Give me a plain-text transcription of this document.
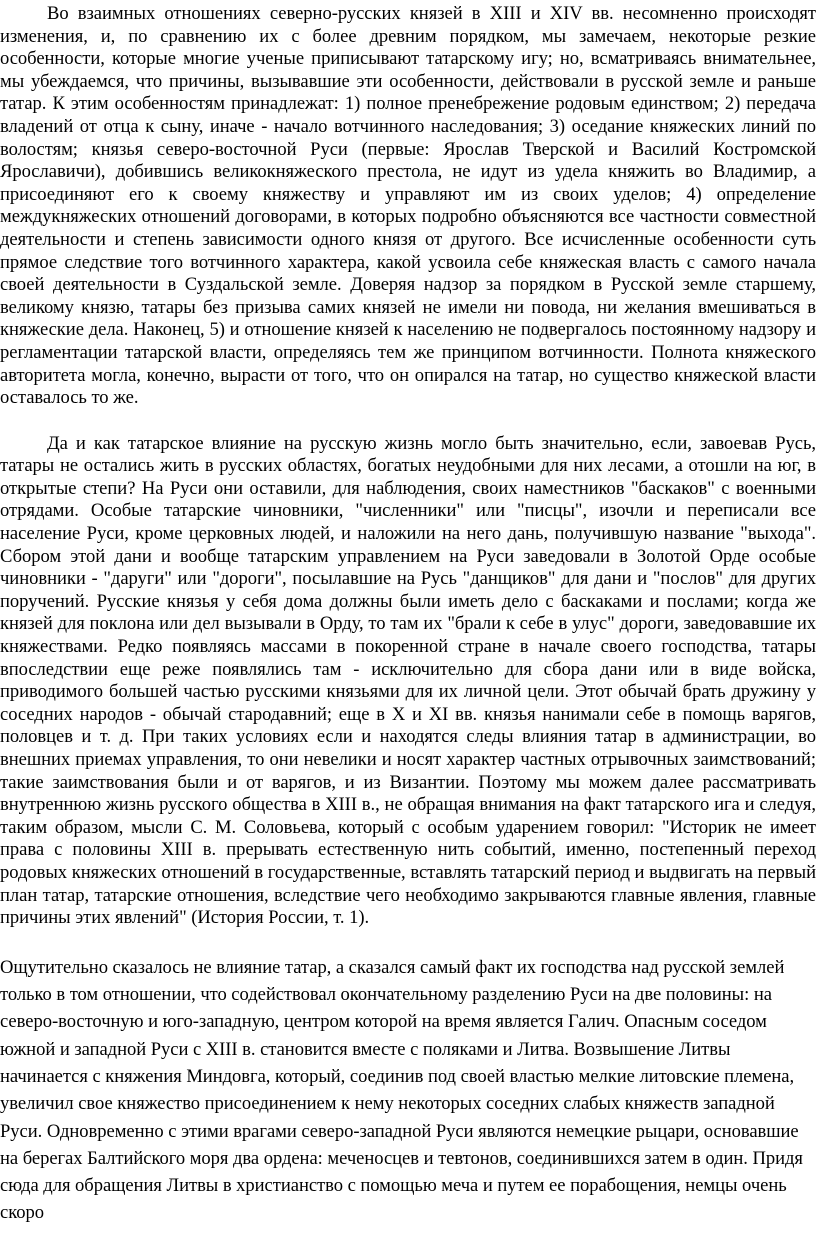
Во взаимных отношениях северно-русских князей в XIII и XIV вв. несомненно происходят изменения, и, по сравнению их с более древним порядком, мы замечаем, некоторые резкие особенности, которые многие ученые приписывают татарскому игу; но, всматриваясь внимательнее, мы убеждаемся, что причины, вызывавшие эти особенности, действовали в русской земле и раньше татар. К этим особенностям принадлежат: 1) полное пренебрежение родовым единством; 2) передача владений от отца к сыну, иначе - начало вотчинного наследования; 3) оседание княжеских линий по волостям; князья северо-восточной Руси (первые: Ярослав Тверской и Василий Костромской Ярославичи), добившись великокняжеского престола, не идут из удела княжить во Владимир, а присоединяют его к своему княжеству и управляют им из своих уделов; 4) определение междукняжеских отношений договорами, в которых подробно объясняются все частности совместной деятельности и степень зависимости одного князя от другого. Все исчисленные особенности суть прямое следствие того вотчинного характера, какой усвоила себе княжеская власть с самого начала своей деятельности в Суздальской земле. Доверяя надзор за порядком в Русской земле старшему, великому князю, татары без призыва самих князей не имели ни повода, ни желания вмешиваться в княжеские дела. Наконец, 5) и отношение князей к населению не подвергалось постоянному надзору и регламентации татарской власти, определяясь тем же принципом вотчинности. Полнота княжеского авторитета могла, конечно, вырасти от того, что он опирался на татар, но существо княжеской власти оставалось то же.

Да и как татарское влияние на русскую жизнь могло быть значительно, если, завоевав Русь, татары не остались жить в русских областях, богатых неудобными для них лесами, а отошли на юг, в открытые степи? На Руси они оставили, для наблюдения, своих наместников "баскаков" с военными отрядами. Особые татарские чиновники, "численники" или "писцы", изочли и переписали все население Руси, кроме церковных людей, и наложили на него дань, получившую название "выхода". Сбором этой дани и вообще татарским управлением на Руси заведовали в Золотой Орде особые чиновники - "даруги" или "дороги", посылавшие на Русь "данщиков" для дани и "послов" для других поручений. Русские князья у себя дома должны были иметь дело с баскаками и послами; когда же князей для поклона или дел вызывали в Орду, то там их "брали к себе в улус" дороги, заведовавшие их княжествами. Редко появляясь массами в покоренной стране в начале своего господства, татары впоследствии еще реже появлялись там - исключительно для сбора дани или в виде войска, приводимого большей частью русскими князьями для их личной цели. Этот обычай брать дружину у соседних народов - обычай стародавний; еще в X и XI вв. князья нанимали себе в помощь варягов, половцев и т. д. При таких условиях если и находятся следы влияния татар в администрации, во внешних приемах управления, то они невелики и носят характер частных отрывочных заимствований; такие заимствования были и от варягов, и из Византии. Поэтому мы можем далее рассматривать внутреннюю жизнь русского общества в XIII в., не обращая внимания на факт татарского ига и следуя, таким образом, мысли С. М. Соловьева, который с особым ударением говорил: "Историк не имеет права с половины XIII в. прерывать естественную нить событий, именно, постепенный переход родовых княжеских отношений в государственные, вставлять татарский период и выдвигать на первый план татар, татарские отношения, вследствие чего необходимо закрываются главные явления, главные причины этих явлений" (История России, т. 1).

Ощутительно сказалось не влияние татар, а сказался самый факт их господства над русской землей только в том отношении, что содействовал окончательному разделению Руси на две половины: на северо-восточную и юго-западную, центром которой на время является Галич. Опасным соседом южной и западной Руси с XIII в. становится вместе с поляками и Литва. Возвышение Литвы начинается с княжения Миндовга, который, соединив под своей властью мелкие литовские племена, увеличил свое княжество присоединением к нему некоторых соседних слабых княжеств западной Руси. Одновременно с этими врагами северо-западной Руси являются немецкие рыцари, основавшие на берегах Балтийского моря два ордена: меченосцев и тевтонов, соединившихся затем в один. Придя сюда для обращения Литвы в христианство с помощью меча и путем ее порабощения, немцы очень скоро
